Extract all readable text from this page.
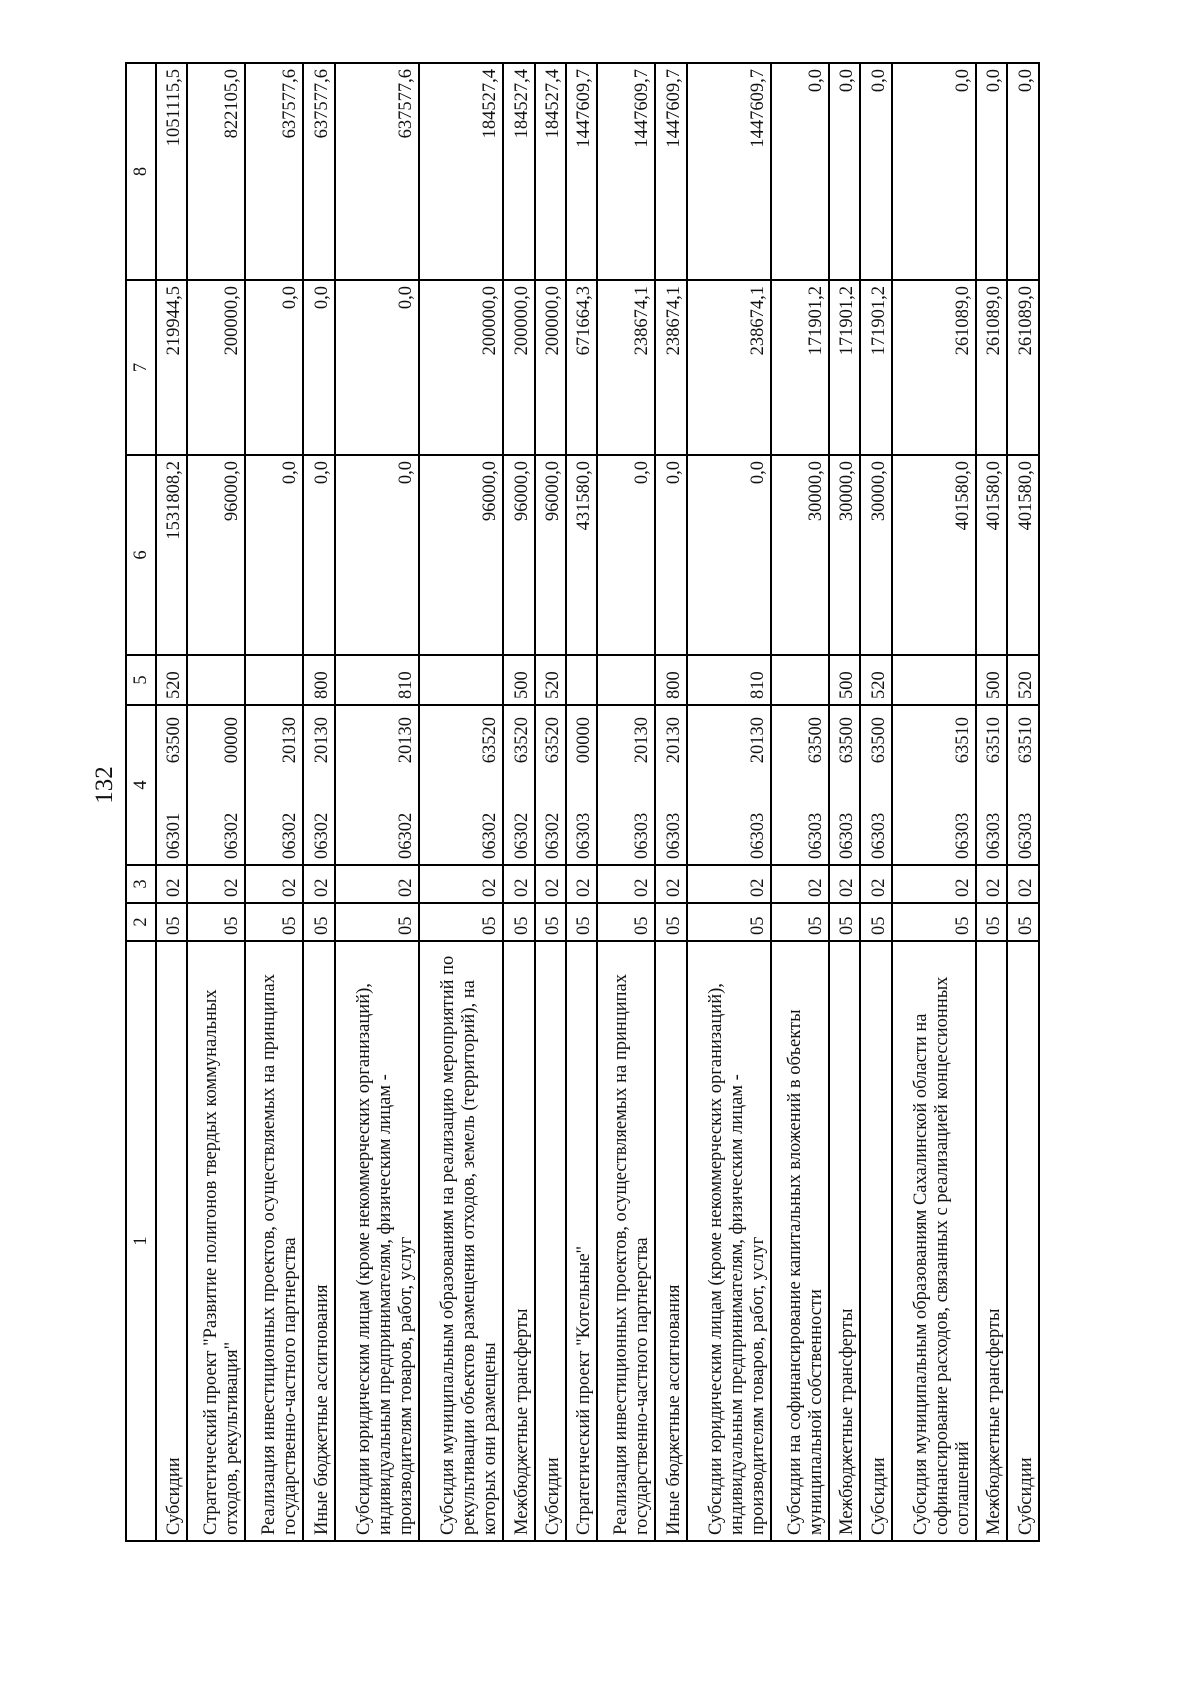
132
1	2	3	4	5	6	7	8
Субсидии	05	02	0630163500	520	1531808,2	219944,5	1051115,5
Стратегический проект "Развитие полигонов твердых коммунальных отходов, рекультивация"	05	02	0630200000		96000,0	200000,0	822105,0
Реализация инвестиционных проектов, осуществляемых на принципах государственно-частного партнерства	05	02	0630220130		0,0	0,0	637577,6
Иные бюджетные ассигнования	05	02	0630220130	800	0,0	0,0	637577,6
Субсидии юридическим лицам (кроме некоммерческих организаций), индивидуальным предпринимателям, физическим лицам - производителям товаров, работ, услуг	05	02	0630220130	810	0,0	0,0	637577,6
Субсидия муниципальным образованиям на реализацию мероприятий по рекультивации объектов размещения отходов, земель (территорий), на которых они размещены	05	02	0630263520		96000,0	200000,0	184527,4
Межбюджетные трансферты	05	02	0630263520	500	96000,0	200000,0	184527,4
Субсидии	05	02	0630263520	520	96000,0	200000,0	184527,4
Стратегический проект "Котельные"	05	02	0630300000		431580,0	671664,3	1447609,7
Реализация инвестиционных проектов, осуществляемых на принципах государственно-частного партнерства	05	02	0630320130		0,0	238674,1	1447609,7
Иные бюджетные ассигнования	05	02	0630320130	800	0,0	238674,1	1447609,7
Субсидии юридическим лицам (кроме некоммерческих организаций), индивидуальным предпринимателям, физическим лицам - производителям товаров, работ, услуг	05	02	0630320130	810	0,0	238674,1	1447609,7
Субсидии на софинансирование капитальных вложений в объекты муниципальной собственности	05	02	0630363500		30000,0	171901,2	0,0
Межбюджетные трансферты	05	02	0630363500	500	30000,0	171901,2	0,0
Субсидии	05	02	0630363500	520	30000,0	171901,2	0,0
Субсидия муниципальным образованиям Сахалинской области на софинансирование расходов, связанных с реализацией концессионных соглашений	05	02	0630363510		401580,0	261089,0	0,0
Межбюджетные трансферты	05	02	0630363510	500	401580,0	261089,0	0,0
Субсидии	05	02	0630363510	520	401580,0	261089,0	0,0
